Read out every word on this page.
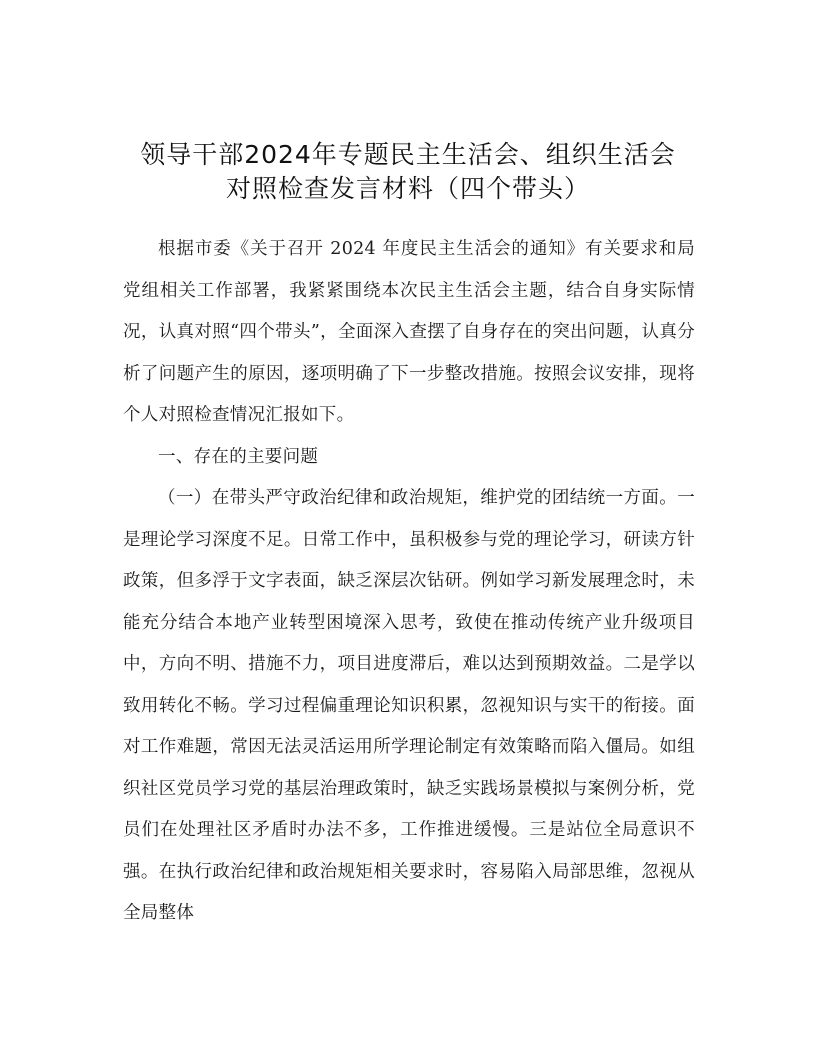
领导干部2024年专题民主生活会、组织生活会
对照检查发言材料（四个带头）

根据市委《关于召开 2024 年度民主生活会的通知》有关要求和局党组相关工作部署，我紧紧围绕本次民主生活会主题，结合自身实际情况，认真对照“四个带头”，全面深入查摆了自身存在的突出问题，认真分析了问题产生的原因，逐项明确了下一步整改措施。按照会议安排，现将个人对照检查情况汇报如下。

一、存在的主要问题

（一）在带头严守政治纪律和政治规矩，维护党的团结统一方面。一是理论学习深度不足。日常工作中，虽积极参与党的理论学习，研读方针政策，但多浮于文字表面，缺乏深层次钻研。例如学习新发展理念时，未能充分结合本地产业转型困境深入思考，致使在推动传统产业升级项目中，方向不明、措施不力，项目进度滞后，难以达到预期效益。二是学以致用转化不畅。学习过程偏重理论知识积累，忽视知识与实干的衔接。面对工作难题，常因无法灵活运用所学理论制定有效策略而陷入僵局。如组织社区党员学习党的基层治理政策时，缺乏实践场景模拟与案例分析，党员们在处理社区矛盾时办法不多，工作推进缓慢。三是站位全局意识不强。在执行政治纪律和政治规矩相关要求时，容易陷入局部思维，忽视从全局整体
